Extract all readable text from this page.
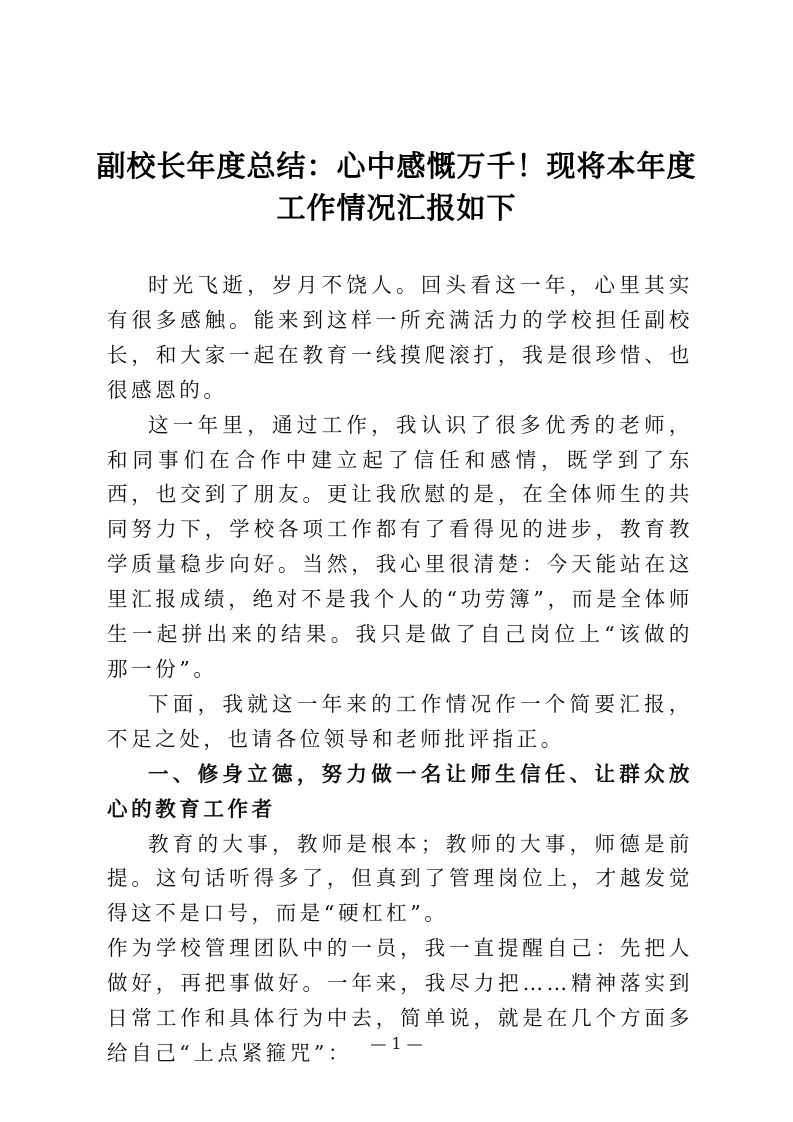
副校长年度总结：心中感慨万千！现将本年度工作情况汇报如下

时光飞逝，岁月不饶人。回头看这一年，心里其实有很多感触。能来到这样一所充满活力的学校担任副校长，和大家一起在教育一线摸爬滚打，我是很珍惜、也很感恩的。

这一年里，通过工作，我认识了很多优秀的老师，和同事们在合作中建立起了信任和感情，既学到了东西，也交到了朋友。更让我欣慰的是，在全体师生的共同努力下，学校各项工作都有了看得见的进步，教育教学质量稳步向好。当然，我心里很清楚：今天能站在这里汇报成绩，绝对不是我个人的“功劳簿”，而是全体师生一起拼出来的结果。我只是做了自己岗位上“该做的那一份”。

下面，我就这一年来的工作情况作一个简要汇报，不足之处，也请各位领导和老师批评指正。

一、修身立德，努力做一名让师生信任、让群众放心的教育工作者

教育的大事，教师是根本；教师的大事，师德是前提。这句话听得多了，但真到了管理岗位上，才越发觉得这不是口号，而是“硬杠杠”。

作为学校管理团队中的一员，我一直提醒自己：先把人做好，再把事做好。一年来，我尽力把……精神落实到日常工作和具体行为中去，简单说，就是在几个方面多给自己“上点紧箍咒”：	— 1 —
